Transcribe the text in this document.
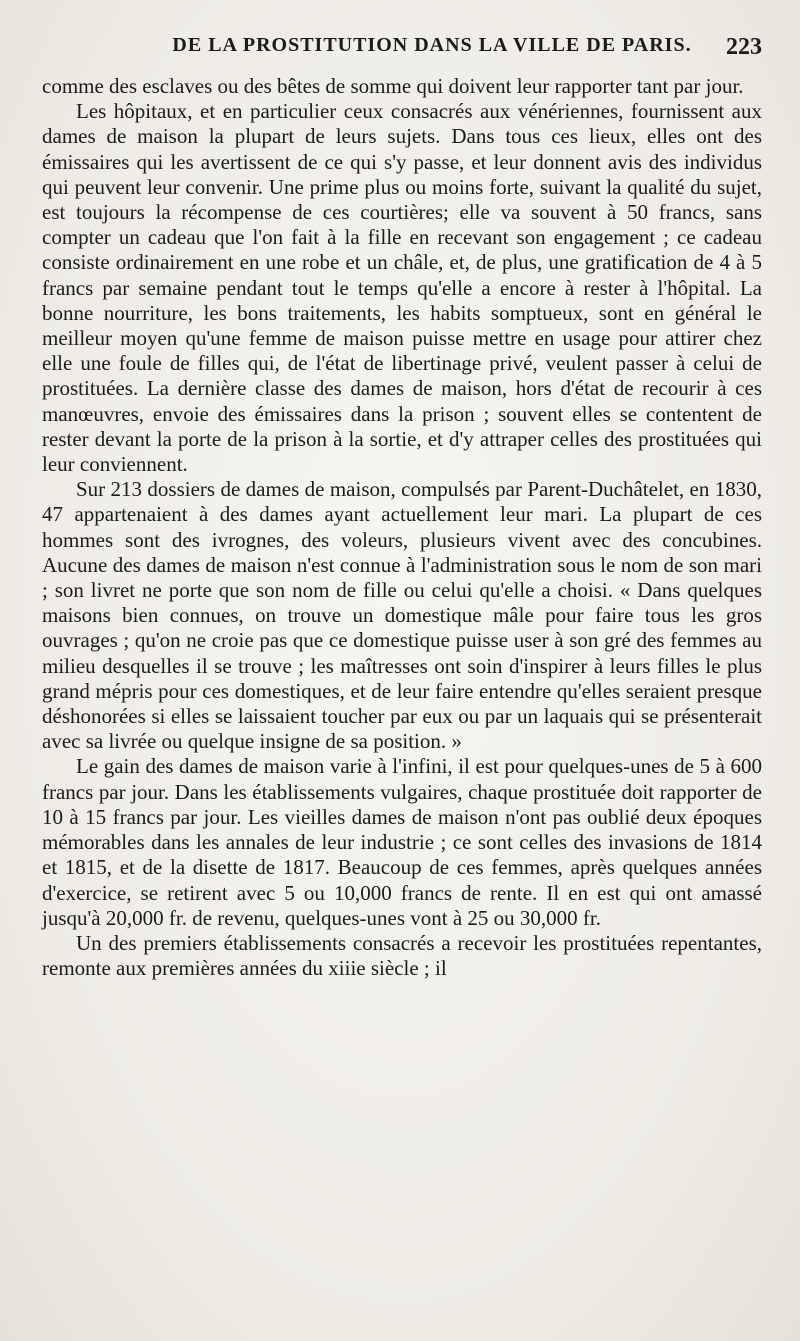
DE LA PROSTITUTION DANS LA VILLE DE PARIS. 223

comme des esclaves ou des bêtes de somme qui doivent leur rapporter tant par jour.

Les hôpitaux, et en particulier ceux consacrés aux vénériennes, fournissent aux dames de maison la plupart de leurs sujets. Dans tous ces lieux, elles ont des émissaires qui les avertissent de ce qui s'y passe, et leur donnent avis des individus qui peuvent leur convenir. Une prime plus ou moins forte, suivant la qualité du sujet, est toujours la récompense de ces courtières; elle va souvent à 50 francs, sans compter un cadeau que l'on fait à la fille en recevant son engagement ; ce cadeau consiste ordinairement en une robe et un châle, et, de plus, une gratification de 4 à 5 francs par semaine pendant tout le temps qu'elle a encore à rester à l'hôpital. La bonne nourriture, les bons traitements, les habits somptueux, sont en général le meilleur moyen qu'une femme de maison puisse mettre en usage pour attirer chez elle une foule de filles qui, de l'état de libertinage privé, veulent passer à celui de prostituées. La dernière classe des dames de maison, hors d'état de recourir à ces manœuvres, envoie des émissaires dans la prison ; souvent elles se contentent de rester devant la porte de la prison à la sortie, et d'y attraper celles des prostituées qui leur conviennent.

Sur 213 dossiers de dames de maison, compulsés par Parent-Duchâtelet, en 1830, 47 appartenaient à des dames ayant actuellement leur mari. La plupart de ces hommes sont des ivrognes, des voleurs, plusieurs vivent avec des concubines. Aucune des dames de maison n'est connue à l'administration sous le nom de son mari ; son livret ne porte que son nom de fille ou celui qu'elle a choisi. « Dans quelques maisons bien connues, on trouve un domestique mâle pour faire tous les gros ouvrages ; qu'on ne croie pas que ce domestique puisse user à son gré des femmes au milieu desquelles il se trouve ; les maîtresses ont soin d'inspirer à leurs filles le plus grand mépris pour ces domestiques, et de leur faire entendre qu'elles seraient presque déshonorées si elles se laissaient toucher par eux ou par un laquais qui se présenterait avec sa livrée ou quelque insigne de sa position. »

Le gain des dames de maison varie à l'infini, il est pour quelques-unes de 5 à 600 francs par jour. Dans les établissements vulgaires, chaque prostituée doit rapporter de 10 à 15 francs par jour. Les vieilles dames de maison n'ont pas oublié deux époques mémorables dans les annales de leur industrie ; ce sont celles des invasions de 1814 et 1815, et de la disette de 1817. Beaucoup de ces femmes, après quelques années d'exercice, se retirent avec 5 ou 10,000 francs de rente. Il en est qui ont amassé jusqu'à 20,000 fr. de revenu, quelques-unes vont à 25 ou 30,000 fr.

Un des premiers établissements consacrés a recevoir les prostituées repentantes, remonte aux premières années du xiiie siècle ; il
